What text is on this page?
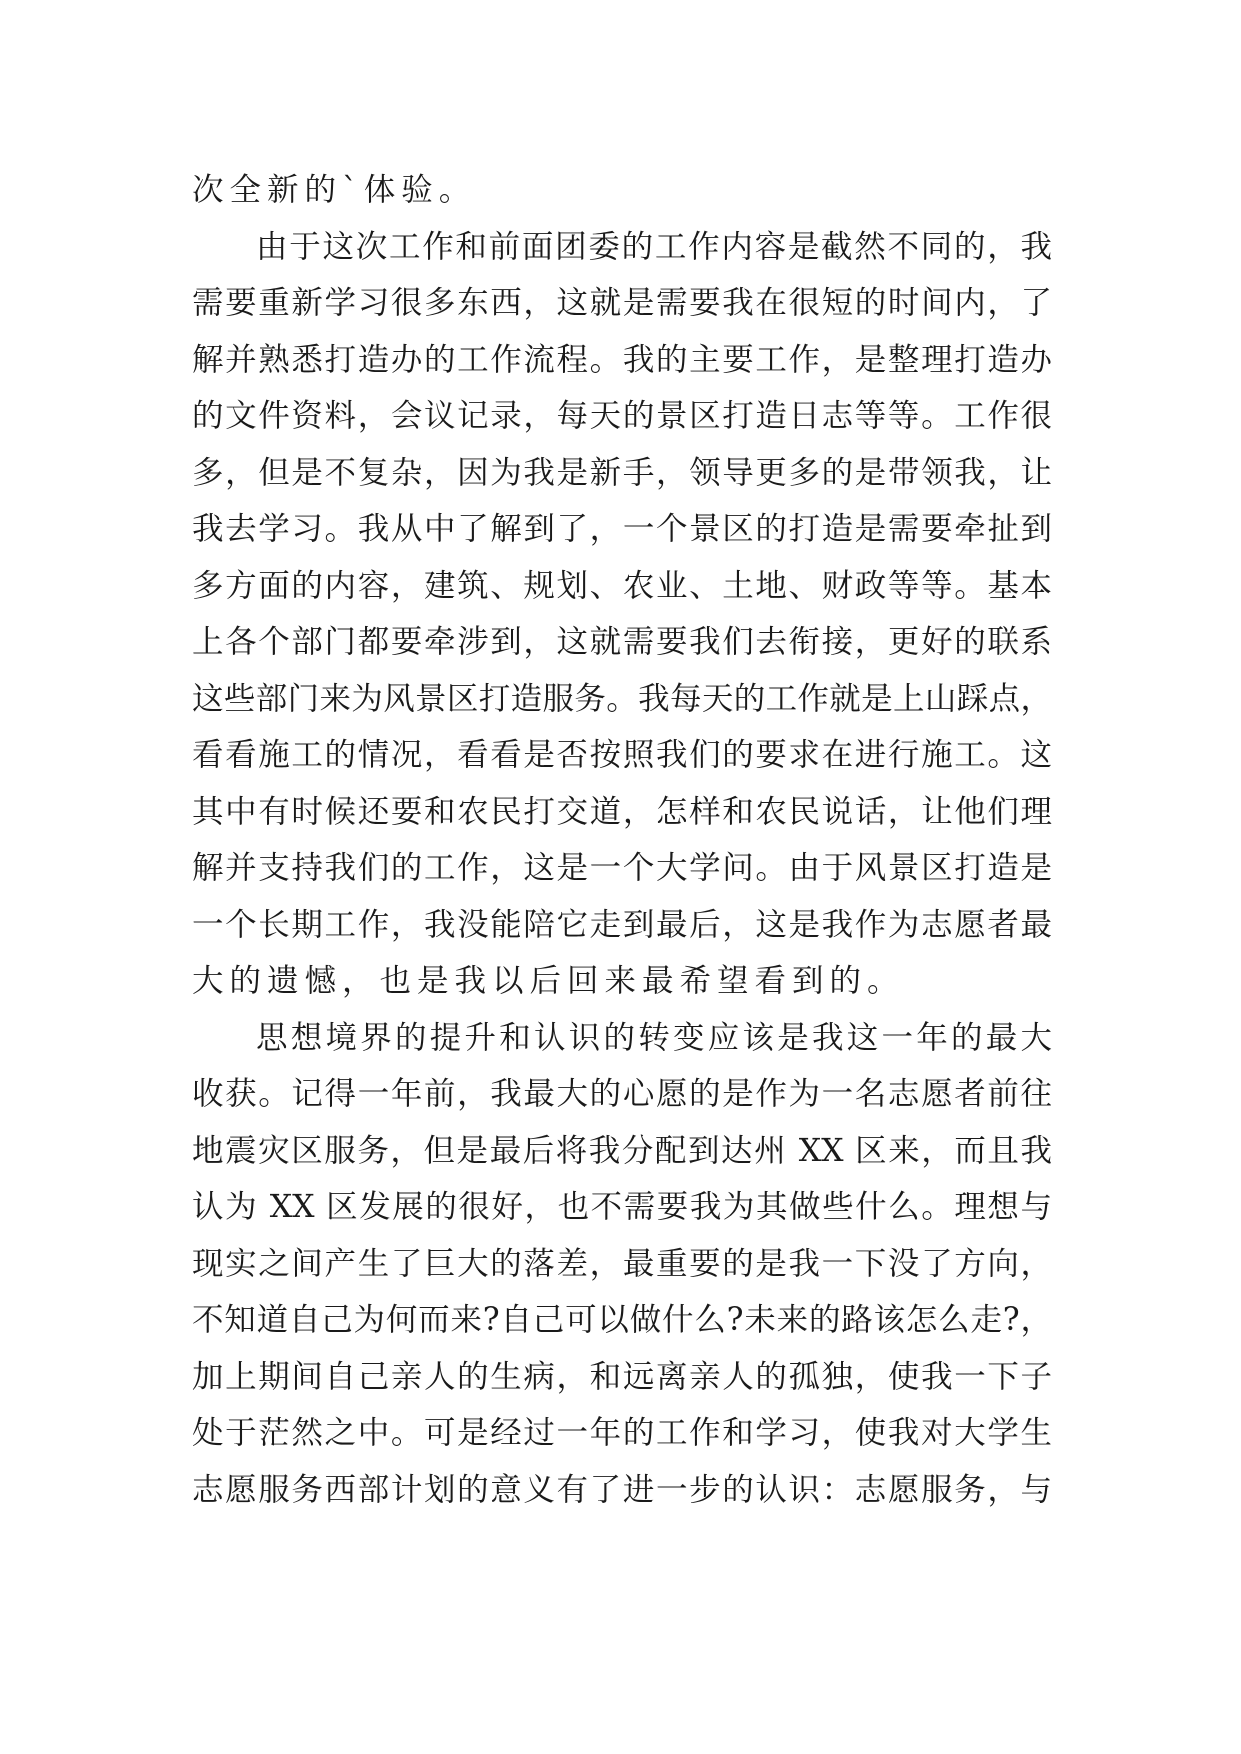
次全新的`体验。
由于这次工作和前面团委的工作内容是截然不同的，我
需要重新学习很多东西，这就是需要我在很短的时间内，了
解并熟悉打造办的工作流程。我的主要工作，是整理打造办
的文件资料，会议记录，每天的景区打造日志等等。工作很
多，但是不复杂，因为我是新手，领导更多的是带领我，让
我去学习。我从中了解到了，一个景区的打造是需要牵扯到
多方面的内容，建筑、规划、农业、土地、财政等等。基本
上各个部门都要牵涉到，这就需要我们去衔接，更好的联系
这些部门来为风景区打造服务。我每天的工作就是上山踩点，
看看施工的情况，看看是否按照我们的要求在进行施工。这
其中有时候还要和农民打交道，怎样和农民说话，让他们理
解并支持我们的工作，这是一个大学问。由于风景区打造是
一个长期工作，我没能陪它走到最后，这是我作为志愿者最
大的遗憾，也是我以后回来最希望看到的。
思想境界的提升和认识的转变应该是我这一年的最大
收获。记得一年前，我最大的心愿的是作为一名志愿者前往
地震灾区服务，但是最后将我分配到达州 XX 区来，而且我
认为 XX 区发展的很好，也不需要我为其做些什么。理想与
现实之间产生了巨大的落差，最重要的是我一下没了方向，
不知道自己为何而来?自己可以做什么?未来的路该怎么走?，
加上期间自己亲人的生病，和远离亲人的孤独，使我一下子
处于茫然之中。可是经过一年的工作和学习，使我对大学生
志愿服务西部计划的意义有了进一步的认识：志愿服务，与
